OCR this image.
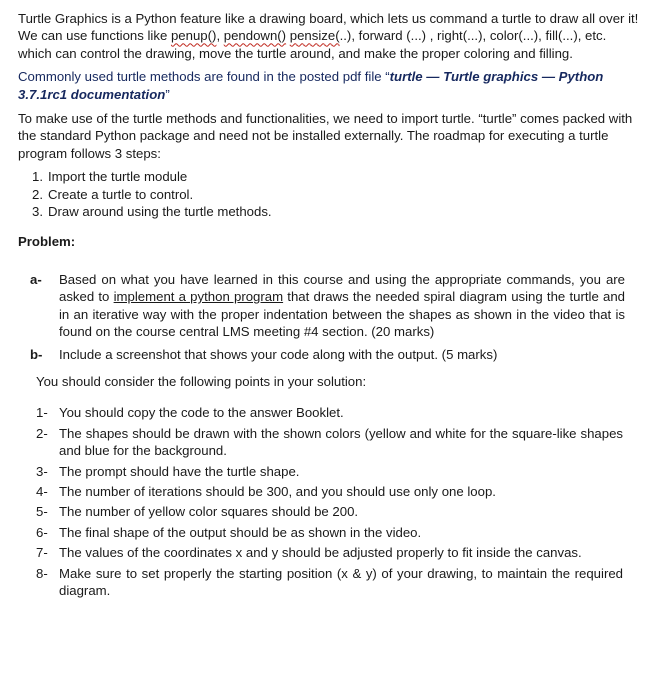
Turtle Graphics is a Python feature like a drawing board, which lets us command a turtle to draw all over it! We can use functions like penup(), pendown() pensize(..), forward (...) , right(...), color(...), fill(...), etc. which can control the drawing, move the turtle around, and make the proper coloring and filling.

Commonly used turtle methods are found in the posted pdf file “turtle — Turtle graphics — Python 3.7.1rc1 documentation”

To make use of the turtle methods and functionalities, we need to import turtle. “turtle” comes packed with the standard Python package and need not be installed externally. The roadmap for executing a turtle program follows 3 steps:

1. Import the turtle module
2. Create a turtle to control.
3. Draw around using the turtle methods.

Problem:

a-	Based on what you have learned in this course and using the appropriate commands, you are asked to implement a python program that draws the needed spiral diagram using the turtle and in an iterative way with the proper indentation between the shapes as shown in the video that is found on the course central LMS meeting #4 section. (20 marks)
b-	Include a screenshot that shows your code along with the output. (5 marks)

You should consider the following points in your solution:

1- You should copy the code to the answer Booklet.
2- The shapes should be drawn with the shown colors (yellow and white for the square-like shapes and blue for the background.
3- The prompt should have the turtle shape.
4- The number of iterations should be 300, and you should use only one loop.
5- The number of yellow color squares should be 200.
6- The final shape of the output should be as shown in the video.
7- The values of the coordinates x and y should be adjusted properly to fit inside the canvas.
8- Make sure to set properly the starting position (x & y) of your drawing, to maintain the required diagram.
